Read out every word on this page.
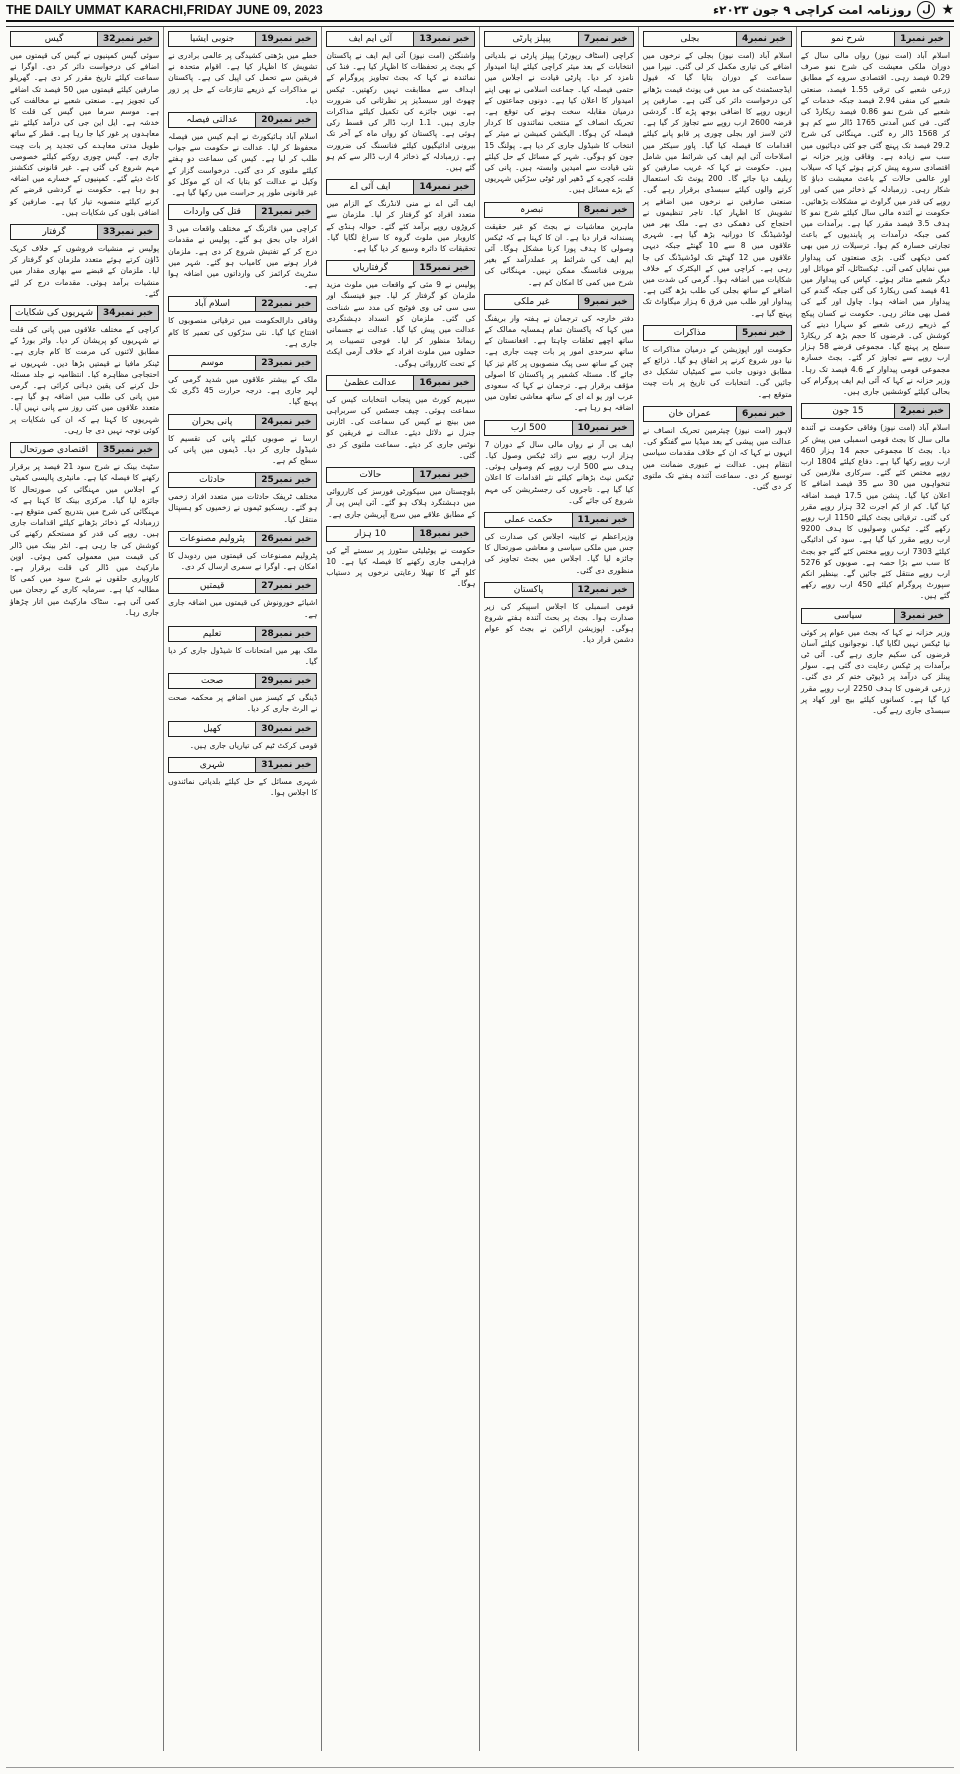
THE DAILY UMMAT KARACHI,FRIDAY JUNE 09, 2023	★
ﻝ
روزنامہ امت کراچی ۹ جون ۲۰۲۳ء
خبر نمبر
1
شرح نمو

اسلام آباد (امت نیوز) رواں مالی سال کے دوران ملکی معیشت کی شرح نمو صرف 0.29 فیصد رہی۔ اقتصادی سروے کے مطابق زرعی شعبے کی ترقی 1.55 فیصد، صنعتی شعبے کی منفی 2.94 فیصد جبکہ خدمات کے شعبے کی شرح نمو 0.86 فیصد ریکارڈ کی گئی۔ فی کس آمدنی 1765 ڈالر سے کم ہو کر 1568 ڈالر رہ گئی۔ مہنگائی کی شرح 29.2 فیصد تک پہنچ گئی جو کئی دہائیوں میں سب سے زیادہ ہے۔ وفاقی وزیر خزانہ نے اقتصادی سروے پیش کرتے ہوئے کہا کہ سیلاب اور عالمی حالات کے باعث معیشت دباؤ کا شکار رہی۔ زرمبادلہ کے ذخائر میں کمی اور روپے کی قدر میں گراوٹ نے مشکلات بڑھائیں۔ حکومت نے آئندہ مالی سال کیلئے شرح نمو کا ہدف 3.5 فیصد مقرر کیا ہے۔ برآمدات میں کمی جبکہ درآمدات پر پابندیوں کے باعث تجارتی خسارہ کم ہوا۔ ترسیلات زر میں بھی کمی دیکھی گئی۔ بڑی صنعتوں کی پیداوار میں نمایاں کمی آئی۔ ٹیکسٹائل، آٹو موبائل اور دیگر شعبے متاثر ہوئے۔ کپاس کی پیداوار میں 41 فیصد کمی ریکارڈ کی گئی جبکہ گندم کی پیداوار میں اضافہ ہوا۔ چاول اور گنے کی فصل بھی متاثر رہی۔ حکومت نے کسان پیکج کے ذریعے زرعی شعبے کو سہارا دینے کی کوشش کی۔ قرضوں کا حجم بڑھ کر ریکارڈ سطح پر پہنچ گیا۔ مجموعی قرضے 58 ہزار ارب روپے سے تجاوز کر گئے۔ بجٹ خسارہ مجموعی قومی پیداوار کے 4.6 فیصد تک رہا۔ وزیر خزانہ نے کہا کہ آئی ایم ایف پروگرام کی بحالی کیلئے کوششیں جاری ہیں۔

خبر نمبر
2
15 جون

اسلام آباد (امت نیوز) وفاقی حکومت نے آئندہ مالی سال کا بجٹ قومی اسمبلی میں پیش کر دیا۔ بجٹ کا مجموعی حجم 14 ہزار 460 ارب روپے رکھا گیا ہے۔ دفاع کیلئے 1804 ارب روپے مختص کئے گئے۔ سرکاری ملازمین کی تنخواہوں میں 30 سے 35 فیصد اضافے کا اعلان کیا گیا۔ پنشن میں 17.5 فیصد اضافہ کیا گیا۔ کم از کم اجرت 32 ہزار روپے مقرر کی گئی۔ ترقیاتی بجٹ کیلئے 1150 ارب روپے رکھے گئے۔ ٹیکس وصولیوں کا ہدف 9200 ارب روپے مقرر کیا گیا ہے۔ سود کی ادائیگی کیلئے 7303 ارب روپے مختص کئے گئے جو بجٹ کا سب سے بڑا حصہ ہے۔ صوبوں کو 5276 ارب روپے منتقل کئے جائیں گے۔ بینظیر انکم سپورٹ پروگرام کیلئے 450 ارب روپے رکھے گئے ہیں۔

خبر نمبر
3
سیاسی

وزیر خزانہ نے کہا کہ بجٹ میں عوام پر کوئی نیا ٹیکس نہیں لگایا گیا۔ نوجوانوں کیلئے آسان قرضوں کی سکیم جاری رہے گی۔ آئی ٹی برآمدات پر ٹیکس رعایت دی گئی ہے۔ سولر پینلز کی درآمد پر ڈیوٹی ختم کر دی گئی۔ زرعی قرضوں کا ہدف 2250 ارب روپے مقرر کیا گیا ہے۔ کسانوں کیلئے بیج اور کھاد پر سبسڈی جاری رہے گی۔

خبر نمبر
4
بجلی

اسلام آباد (امت نیوز) بجلی کے نرخوں میں اضافے کی تیاری مکمل کر لی گئی۔ نیپرا میں سماعت کے دوران بتایا گیا کہ فیول ایڈجسٹمنٹ کی مد میں فی یونٹ قیمت بڑھانے کی درخواست دائر کی گئی ہے۔ صارفین پر اربوں روپے کا اضافی بوجھ پڑے گا۔ گردشی قرضہ 2600 ارب روپے سے تجاوز کر گیا ہے۔ لائن لاسز اور بجلی چوری پر قابو پانے کیلئے اقدامات کا فیصلہ کیا گیا۔ پاور سیکٹر میں اصلاحات آئی ایم ایف کی شرائط میں شامل ہیں۔ حکومت نے کہا کہ غریب صارفین کو ریلیف دیا جائے گا۔ 200 یونٹ تک استعمال کرنے والوں کیلئے سبسڈی برقرار رہے گی۔ صنعتی صارفین نے نرخوں میں اضافے پر تشویش کا اظہار کیا۔ تاجر تنظیموں نے احتجاج کی دھمکی دی ہے۔ ملک بھر میں لوڈشیڈنگ کا دورانیہ بڑھ گیا ہے۔ شہری علاقوں میں 8 سے 10 گھنٹے جبکہ دیہی علاقوں میں 12 گھنٹے تک لوڈشیڈنگ کی جا رہی ہے۔ کراچی میں کے الیکٹرک کے خلاف شکایات میں اضافہ ہوا۔ گرمی کی شدت میں اضافے کے ساتھ بجلی کی طلب بڑھ گئی ہے۔ پیداوار اور طلب میں فرق 6 ہزار میگاواٹ تک پہنچ گیا ہے۔

خبر نمبر
5
مذاکرات

حکومت اور اپوزیشن کے درمیان مذاکرات کا نیا دور شروع کرنے پر اتفاق ہو گیا۔ ذرائع کے مطابق دونوں جانب سے کمیٹیاں تشکیل دی جائیں گی۔ انتخابات کی تاریخ پر بات چیت متوقع ہے۔

خبر نمبر
6
عمران خان

لاہور (امت نیوز) چیئرمین تحریک انصاف نے عدالت میں پیشی کے بعد میڈیا سے گفتگو کی۔ انہوں نے کہا کہ ان کے خلاف مقدمات سیاسی انتقام ہیں۔ عدالت نے عبوری ضمانت میں توسیع کر دی۔ سماعت آئندہ ہفتے تک ملتوی کر دی گئی۔

خبر نمبر
7
پیپلز پارٹی

کراچی (اسٹاف رپورٹر) پیپلز پارٹی نے بلدیاتی انتخابات کے بعد میئر کراچی کیلئے اپنا امیدوار نامزد کر دیا۔ پارٹی قیادت نے اجلاس میں حتمی فیصلہ کیا۔ جماعت اسلامی نے بھی اپنے امیدوار کا اعلان کیا ہے۔ دونوں جماعتوں کے درمیان مقابلہ سخت ہونے کی توقع ہے۔ تحریک انصاف کے منتخب نمائندوں کا کردار فیصلہ کن ہوگا۔ الیکشن کمیشن نے میئر کے انتخاب کا شیڈول جاری کر دیا ہے۔ پولنگ 15 جون کو ہوگی۔ شہر کے مسائل کے حل کیلئے نئی قیادت سے امیدیں وابستہ ہیں۔ پانی کی قلت، کچرے کے ڈھیر اور ٹوٹی سڑکیں شہریوں کے بڑے مسائل ہیں۔

خبر نمبر
8
تبصرہ

ماہرین معاشیات نے بجٹ کو غیر حقیقت پسندانہ قرار دیا ہے۔ ان کا کہنا ہے کہ ٹیکس وصولی کا ہدف پورا کرنا مشکل ہوگا۔ آئی ایم ایف کی شرائط پر عملدرآمد کے بغیر بیرونی فنانسنگ ممکن نہیں۔ مہنگائی کی شرح میں کمی کا امکان کم ہے۔

خبر نمبر
9
غیر ملکی

دفتر خارجہ کی ترجمان نے ہفتہ وار بریفنگ میں کہا کہ پاکستان تمام ہمسایہ ممالک کے ساتھ اچھے تعلقات چاہتا ہے۔ افغانستان کے ساتھ سرحدی امور پر بات چیت جاری ہے۔ چین کے ساتھ سی پیک منصوبوں پر کام تیز کیا جائے گا۔ مسئلہ کشمیر پر پاکستان کا اصولی مؤقف برقرار ہے۔ ترجمان نے کہا کہ سعودی عرب اور یو اے ای کے ساتھ معاشی تعاون میں اضافہ ہو رہا ہے۔

خبر نمبر
10
500 ارب

ایف بی آر نے رواں مالی سال کے دوران 7 ہزار ارب روپے سے زائد ٹیکس وصول کیا۔ ہدف سے 500 ارب روپے کم وصولی ہوئی۔ ٹیکس نیٹ بڑھانے کیلئے نئے اقدامات کا اعلان کیا گیا ہے۔ تاجروں کی رجسٹریشن کی مہم شروع کی جائے گی۔

خبر نمبر
11
حکمت عملی

وزیراعظم نے کابینہ اجلاس کی صدارت کی جس میں ملکی سیاسی و معاشی صورتحال کا جائزہ لیا گیا۔ اجلاس میں بجٹ تجاویز کی منظوری دی گئی۔

خبر نمبر
12
پاکستان

قومی اسمبلی کا اجلاس اسپیکر کی زیر صدارت ہوا۔ بجٹ پر بحث آئندہ ہفتے شروع ہوگی۔ اپوزیشن اراکین نے بجٹ کو عوام دشمن قرار دیا۔

خبر نمبر
13
آئی ایم ایف

واشنگٹن (امت نیوز) آئی ایم ایف نے پاکستان کے بجٹ پر تحفظات کا اظہار کیا ہے۔ فنڈ کی نمائندہ نے کہا کہ بجٹ تجاویز پروگرام کے اہداف سے مطابقت نہیں رکھتیں۔ ٹیکس چھوٹ اور سبسڈیز پر نظرثانی کی ضرورت ہے۔ نویں جائزے کی تکمیل کیلئے مذاکرات جاری ہیں۔ 1.1 ارب ڈالر کی قسط رکی ہوئی ہے۔ پاکستان کو رواں ماہ کے آخر تک بیرونی ادائیگیوں کیلئے فنانسنگ کی ضرورت ہے۔ زرمبادلہ کے ذخائر 4 ارب ڈالر سے کم ہو گئے ہیں۔

خبر نمبر
14
ایف آئی اے

ایف آئی اے نے منی لانڈرنگ کے الزام میں متعدد افراد کو گرفتار کر لیا۔ ملزمان سے کروڑوں روپے برآمد کئے گئے۔ حوالہ ہنڈی کے کاروبار میں ملوث گروہ کا سراغ لگایا گیا۔ تحقیقات کا دائرہ وسیع کر دیا گیا ہے۔

خبر نمبر
15
گرفتاریاں

پولیس نے 9 مئی کے واقعات میں ملوث مزید ملزمان کو گرفتار کر لیا۔ جیو فینسنگ اور سی سی ٹی وی فوٹیج کی مدد سے شناخت کی گئی۔ ملزمان کو انسداد دہشتگردی عدالت میں پیش کیا گیا۔ عدالت نے جسمانی ریمانڈ منظور کر لیا۔ فوجی تنصیبات پر حملوں میں ملوث افراد کے خلاف آرمی ایکٹ کے تحت کارروائی ہوگی۔

خبر نمبر
16
عدالت عظمیٰ

سپریم کورٹ میں پنجاب انتخابات کیس کی سماعت ہوئی۔ چیف جسٹس کی سربراہی میں بینچ نے کیس کی سماعت کی۔ اٹارنی جنرل نے دلائل دیئے۔ عدالت نے فریقین کو نوٹس جاری کر دیئے۔ سماعت ملتوی کر دی گئی۔

خبر نمبر
17
حالات

بلوچستان میں سیکورٹی فورسز کی کارروائی میں دہشتگرد ہلاک ہو گئے۔ آئی ایس پی آر کے مطابق علاقے میں سرچ آپریشن جاری ہے۔

خبر نمبر
18
10 ہزار

حکومت نے یوٹیلیٹی سٹورز پر سستے آٹے کی فراہمی جاری رکھنے کا فیصلہ کیا ہے۔ 10 کلو آٹے کا تھیلا رعایتی نرخوں پر دستیاب ہوگا۔

خبر نمبر
19
جنوبی ایشیا

خطے میں بڑھتی کشیدگی پر عالمی برادری نے تشویش کا اظہار کیا ہے۔ اقوام متحدہ نے فریقین سے تحمل کی اپیل کی ہے۔ پاکستان نے مذاکرات کے ذریعے تنازعات کے حل پر زور دیا۔

خبر نمبر
20
عدالتی فیصلہ

اسلام آباد ہائیکورٹ نے اہم کیس میں فیصلہ محفوظ کر لیا۔ عدالت نے حکومت سے جواب طلب کر لیا ہے۔ کیس کی سماعت دو ہفتے کیلئے ملتوی کر دی گئی۔ درخواست گزار کے وکیل نے عدالت کو بتایا کہ ان کے موکل کو غیر قانونی طور پر حراست میں رکھا گیا ہے۔

خبر نمبر
21
قتل کی واردات

کراچی میں فائرنگ کے مختلف واقعات میں 3 افراد جاں بحق ہو گئے۔ پولیس نے مقدمات درج کر کے تفتیش شروع کر دی ہے۔ ملزمان فرار ہونے میں کامیاب ہو گئے۔ شہر میں سٹریٹ کرائمز کی وارداتوں میں اضافہ ہوا ہے۔

خبر نمبر
22
اسلام آباد

وفاقی دارالحکومت میں ترقیاتی منصوبوں کا افتتاح کیا گیا۔ نئی سڑکوں کی تعمیر کا کام جاری ہے۔

خبر نمبر
23
موسم

ملک کے بیشتر علاقوں میں شدید گرمی کی لہر جاری ہے۔ درجہ حرارت 45 ڈگری تک پہنچ گیا۔

خبر نمبر
24
پانی بحران

ارسا نے صوبوں کیلئے پانی کی تقسیم کا شیڈول جاری کر دیا۔ ڈیموں میں پانی کی سطح کم ہے۔

خبر نمبر
25
حادثات

مختلف ٹریفک حادثات میں متعدد افراد زخمی ہو گئے۔ ریسکیو ٹیموں نے زخمیوں کو ہسپتال منتقل کیا۔

خبر نمبر
26
پٹرولیم مصنوعات

پٹرولیم مصنوعات کی قیمتوں میں ردوبدل کا امکان ہے۔ اوگرا نے سمری ارسال کر دی۔

خبر نمبر
27
قیمتیں

اشیائے خورونوش کی قیمتوں میں اضافہ جاری ہے۔

خبر نمبر
28
تعلیم

ملک بھر میں امتحانات کا شیڈول جاری کر دیا گیا۔

خبر نمبر
29
صحت

ڈینگی کے کیسز میں اضافے پر محکمہ صحت نے الرٹ جاری کر دیا۔

خبر نمبر
30
کھیل

قومی کرکٹ ٹیم کی تیاریاں جاری ہیں۔

خبر نمبر
31
شہری

شہری مسائل کے حل کیلئے بلدیاتی نمائندوں کا اجلاس ہوا۔

خبر نمبر
32
گیس

سوئی گیس کمپنیوں نے گیس کی قیمتوں میں اضافے کی درخواست دائر کر دی۔ اوگرا نے سماعت کیلئے تاریخ مقرر کر دی ہے۔ گھریلو صارفین کیلئے قیمتوں میں 50 فیصد تک اضافے کی تجویز ہے۔ صنعتی شعبے نے مخالفت کی ہے۔ موسم سرما میں گیس کی قلت کا خدشہ ہے۔ ایل این جی کی درآمد کیلئے نئے معاہدوں پر غور کیا جا رہا ہے۔ قطر کے ساتھ طویل مدتی معاہدے کی تجدید پر بات چیت جاری ہے۔ گیس چوری روکنے کیلئے خصوصی مہم شروع کی گئی ہے۔ غیر قانونی کنکشنز کاٹ دیئے گئے۔ کمپنیوں کے خسارے میں اضافہ ہو رہا ہے۔ حکومت نے گردشی قرضے کم کرنے کیلئے منصوبہ تیار کیا ہے۔ صارفین کو اضافی بلوں کی شکایات ہیں۔

خبر نمبر
33
گرفتار

پولیس نے منشیات فروشوں کے خلاف کریک ڈاؤن کرتے ہوئے متعدد ملزمان کو گرفتار کر لیا۔ ملزمان کے قبضے سے بھاری مقدار میں منشیات برآمد ہوئی۔ مقدمات درج کر لئے گئے۔

خبر نمبر
34
شہریوں کی شکایات

کراچی کے مختلف علاقوں میں پانی کی قلت نے شہریوں کو پریشان کر دیا۔ واٹر بورڈ کے مطابق لائنوں کی مرمت کا کام جاری ہے۔ ٹینکر مافیا نے قیمتیں بڑھا دیں۔ شہریوں نے احتجاجی مظاہرہ کیا۔ انتظامیہ نے جلد مسئلہ حل کرنے کی یقین دہانی کرائی ہے۔ گرمی میں پانی کی طلب میں اضافہ ہو گیا ہے۔ متعدد علاقوں میں کئی روز سے پانی نہیں آیا۔ شہریوں کا کہنا ہے کہ ان کی شکایات پر کوئی توجہ نہیں دی جا رہی۔

خبر نمبر
35
اقتصادی صورتحال

سٹیٹ بینک نے شرح سود 21 فیصد پر برقرار رکھنے کا فیصلہ کیا ہے۔ مانیٹری پالیسی کمیٹی کے اجلاس میں مہنگائی کی صورتحال کا جائزہ لیا گیا۔ مرکزی بینک کا کہنا ہے کہ مہنگائی کی شرح میں بتدریج کمی متوقع ہے۔ زرمبادلہ کے ذخائر بڑھانے کیلئے اقدامات جاری ہیں۔ روپے کی قدر کو مستحکم رکھنے کی کوشش کی جا رہی ہے۔ انٹر بینک میں ڈالر کی قیمت میں معمولی کمی ہوئی۔ اوپن مارکیٹ میں ڈالر کی قلت برقرار ہے۔ کاروباری حلقوں نے شرح سود میں کمی کا مطالبہ کیا ہے۔ سرمایہ کاری کے رجحان میں کمی آئی ہے۔ سٹاک مارکیٹ میں اتار چڑھاؤ جاری رہا۔
